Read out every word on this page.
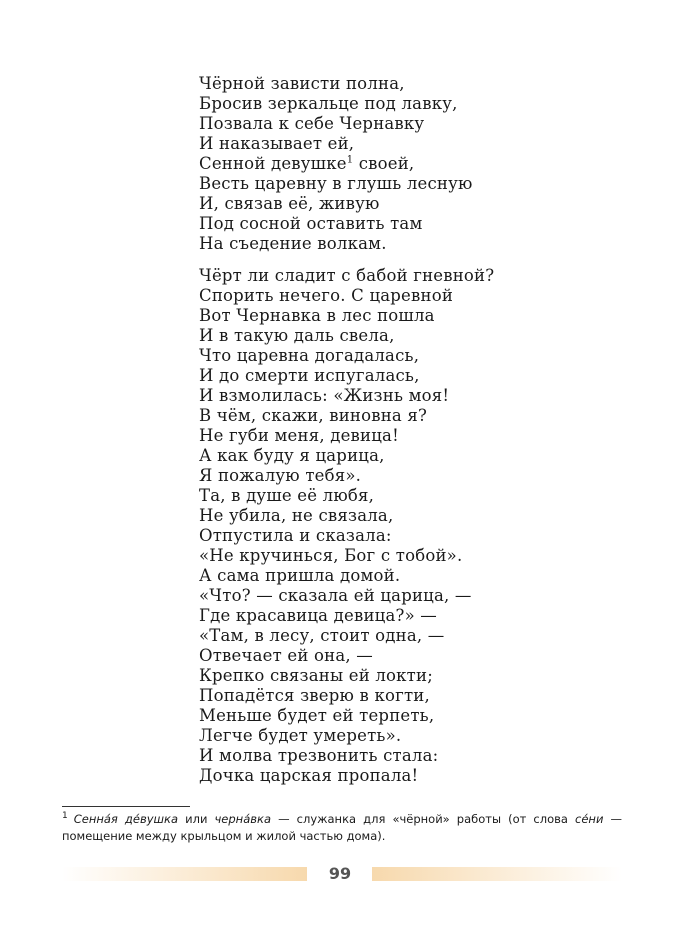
Чёрной зависти полна,
Бросив зеркальце под лавку,
Позвала к себе Чернавку
И наказывает ей,
Сенной девушке$^1$ своей,
Весть царевну в глушь лесную
И, связав её, живую
Под сосной оставить там
На съедение волкам.
Чёрт ли сладит с бабой гневной?
Спорить нечего. С царевной
Вот Чернавка в лес пошла
И в такую даль свела,
Что царевна догадалась,
И до смерти испугалась,
И взмолилась: «Жизнь моя!
В чём, скажи, виновна я?
Не губи меня, девица!
А как буду я царица,
Я пожалую тебя».
Та, в душе её любя,
Не убила, не связала,
Отпустила и сказала:
«Не кручинься, Бог с тобой».
А сама пришла домой.
«Что? — сказала ей царица, —
Где красавица девица?» —
«Там, в лесу, стоит одна, —
Отвечает ей она, —
Крепко связаны ей локти;
Попадётся зверю в когти,
Меньше будет ей терпеть,
Легче будет умереть».
И молва трезвонить стала:
Дочка царская пропала!
$^1$ Сенна́я де́вушка или черна́вка — служанка для «чёрной» работы (от слова се́ни — помещение между крыльцом и жилой частью дома).
99
